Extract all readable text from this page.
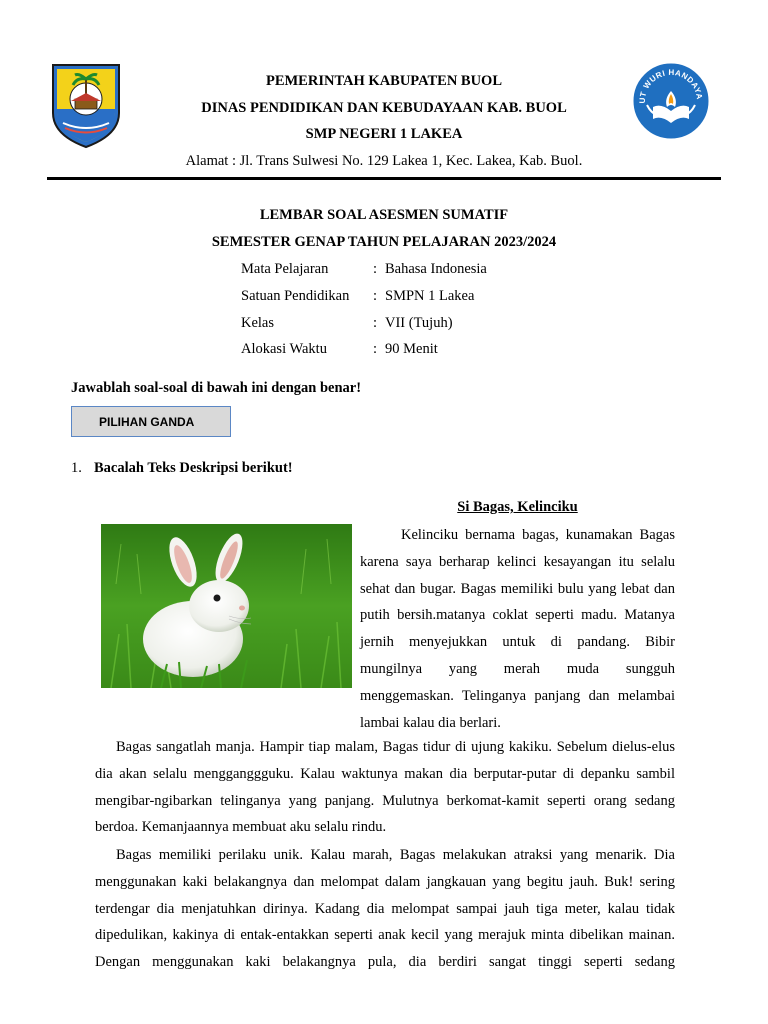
UT WURI HANDAYA
PEMERINTAH KABUPATEN BUOL
DINAS PENDIDIKAN DAN KEBUDAYAAN KAB. BUOL
SMP NEGERI 1 LAKEA
Alamat : Jl. Trans Sulwesi No. 129 Lakea 1, Kec. Lakea, Kab. Buol.
LEMBAR SOAL ASESMEN SUMATIF
SEMESTER GENAP TAHUN PELAJARAN 2023/2024
Mata Pelajaran	: Bahasa Indonesia
Satuan Pendidikan	: SMPN 1 Lakea
Kelas	: VII (Tujuh)
Alokasi Waktu	: 90 Menit
Jawablah soal-soal di bawah ini dengan benar!
PILIHAN GANDA
1. Bacalah Teks Deskripsi berikut!
Si Bagas, Kelinciku
Kelinciku bernama bagas, kunamakan Bagas karena saya berharap kelinci kesayangan itu selalu sehat dan bugar. Bagas memiliki bulu yang lebat dan putih bersih.matanya coklat seperti madu. Matanya jernih menyejukkan untuk di pandang. Bibir mungilnya yang merah muda sungguh menggemaskan. Telinganya panjang dan melambai lambai kalau dia berlari.
Bagas sangatlah manja. Hampir tiap malam, Bagas tidur di ujung kakiku. Sebelum dielus-elus dia akan selalu mengganggguku. Kalau waktunya makan dia berputar-putar di depanku sambil mengibar-ngibarkan telinganya yang panjang. Mulutnya berkomat-kamit seperti orang sedang berdoa. Kemanjaannya membuat aku selalu rindu.
Bagas memiliki perilaku unik. Kalau marah, Bagas melakukan atraksi yang menarik. Dia menggunakan kaki belakangnya dan melompat dalam jangkauan yang begitu jauh. Buk! sering terdengar dia menjatuhkan dirinya. Kadang dia melompat sampai jauh tiga meter, kalau tidak dipedulikan, kakinya di entak-entakkan seperti anak kecil yang merajuk minta dibelikan mainan. Dengan menggunakan kaki belakangnya pula, dia berdiri sangat tinggi seperti sedang
